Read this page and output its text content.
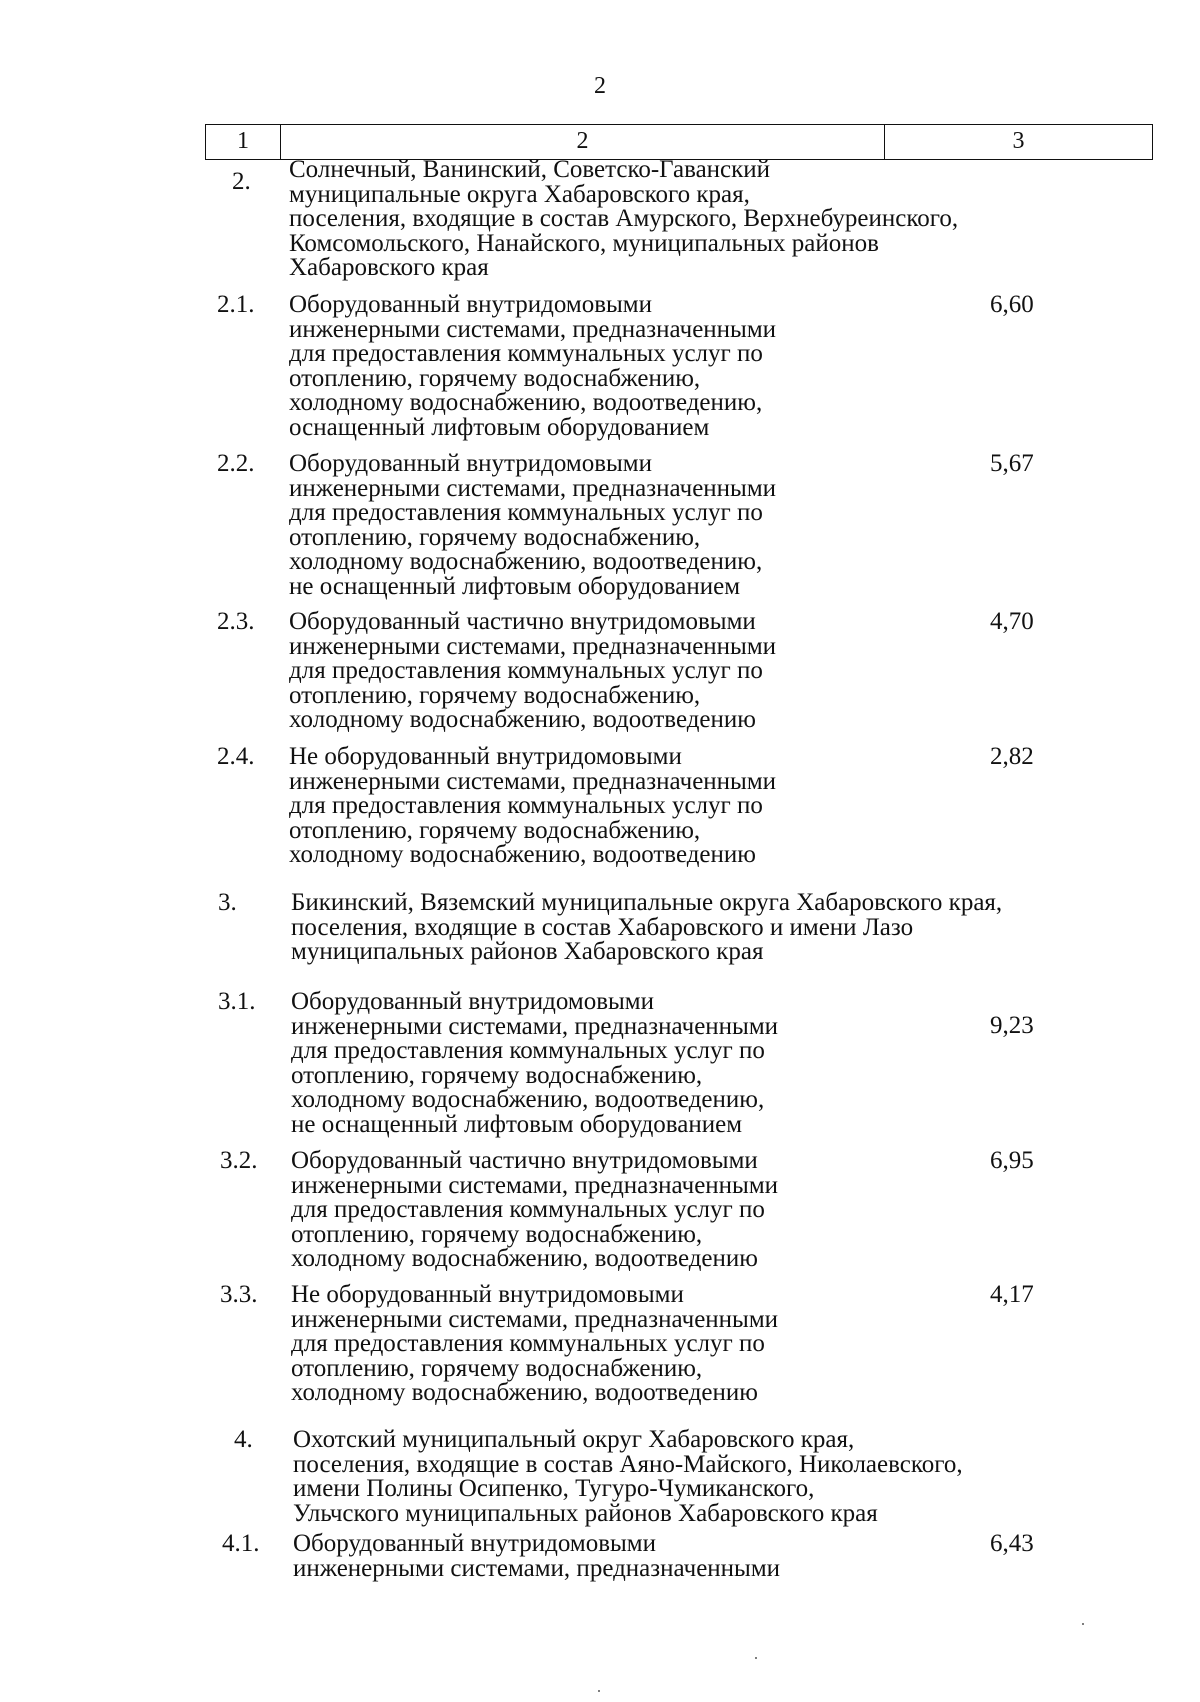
2
1	2	3
2. Солнечный, Ванинский, Советско-Гаванский
муниципальные округа Хабаровского края,
поселения, входящие в состав Амурского, Верхнебуреинского,
Комсомольского, Нанайского, муниципальных районов
Хабаровского края
2.1. Оборудованный внутридомовыми
инженерными системами, предназначенными
для предоставления коммунальных услуг по
отоплению, горячему водоснабжению,
холодному водоснабжению, водоотведению,
оснащенный лифтовым оборудованием
6,60
2.2. Оборудованный внутридомовыми
инженерными системами, предназначенными
для предоставления коммунальных услуг по
отоплению, горячему водоснабжению,
холодному водоснабжению, водоотведению,
не оснащенный лифтовым оборудованием
5,67
2.3. Оборудованный частично внутридомовыми
инженерными системами, предназначенными
для предоставления коммунальных услуг по
отоплению, горячему водоснабжению,
холодному водоснабжению, водоотведению
4,70
2.4. Не оборудованный внутридомовыми
инженерными системами, предназначенными
для предоставления коммунальных услуг по
отоплению, горячему водоснабжению,
холодному водоснабжению, водоотведению
2,82
3. Бикинский, Вяземский муниципальные округа Хабаровского края,
поселения, входящие в состав Хабаровского и имени Лазо
муниципальных районов Хабаровского края
3.1. Оборудованный внутридомовыми
инженерными системами, предназначенными
для предоставления коммунальных услуг по
отоплению, горячему водоснабжению,
холодному водоснабжению, водоотведению,
не оснащенный лифтовым оборудованием
9,23
3.2. Оборудованный частично внутридомовыми
инженерными системами, предназначенными
для предоставления коммунальных услуг по
отоплению, горячему водоснабжению,
холодному водоснабжению, водоотведению
6,95
3.3. Не оборудованный внутридомовыми
инженерными системами, предназначенными
для предоставления коммунальных услуг по
отоплению, горячему водоснабжению,
холодному водоснабжению, водоотведению
4,17
4. Охотский муниципальный округ Хабаровского края,
поселения, входящие в состав Аяно-Майского, Николаевского,
имени Полины Осипенко, Тугуро-Чумиканского,
Ульчского муниципальных районов Хабаровского края
4.1. Оборудованный внутридомовыми
инженерными системами, предназначенными
6,43
